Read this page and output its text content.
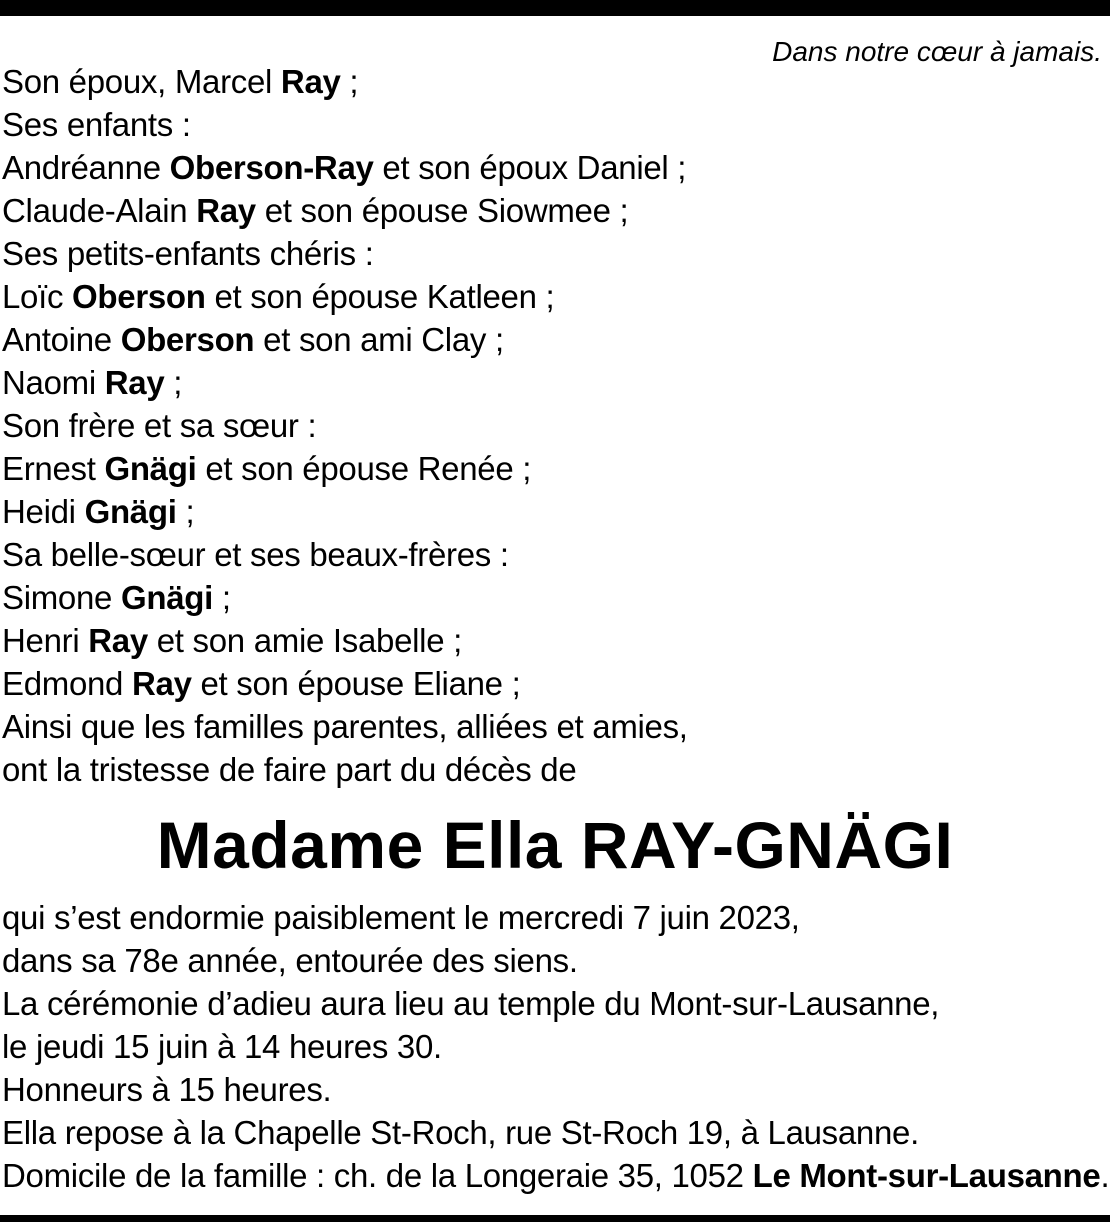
Dans notre cœur à jamais.
Son époux, Marcel Ray ;
Ses enfants :
Andréanne Oberson-Ray et son époux Daniel ;
Claude-Alain Ray et son épouse Siowmee ;
Ses petits-enfants chéris :
Loïc Oberson et son épouse Katleen ;
Antoine Oberson et son ami Clay ;
Naomi Ray ;
Son frère et sa sœur :
Ernest Gnägi et son épouse Renée ;
Heidi Gnägi ;
Sa belle-sœur et ses beaux-frères :
Simone Gnägi ;
Henri Ray et son amie Isabelle ;
Edmond Ray et son épouse Eliane ;
Ainsi que les familles parentes, alliées et amies,
ont la tristesse de faire part du décès de
Madame Ella RAY-GNÄGI
qui s’est endormie paisiblement le mercredi 7 juin 2023,
dans sa 78e année, entourée des siens.
La cérémonie d’adieu aura lieu au temple du Mont-sur-Lausanne,
le jeudi 15 juin à 14 heures 30.
Honneurs à 15 heures.
Ella repose à la Chapelle St-Roch, rue St-Roch 19, à Lausanne.
Domicile de la famille : ch. de la Longeraie 35, 1052 Le Mont-sur-Lausanne.
